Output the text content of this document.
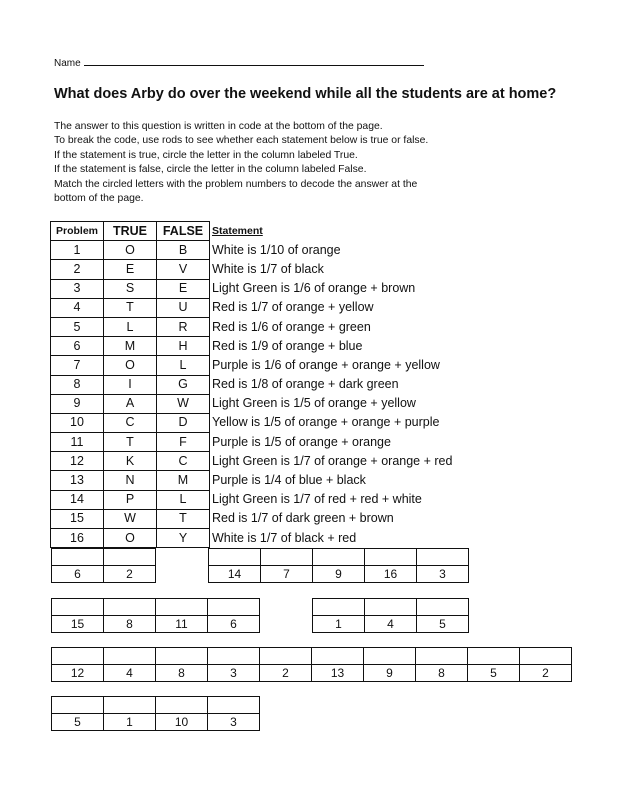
Name
What does Arby do over the weekend while all the students are at home?
The answer to this question is written in code at the bottom of the page.
To break the code, use rods to see whether each statement below is true or false.
If the statement is true, circle the letter in the column labeled True.
If the statement is false, circle the letter in the column labeled False.
Match the circled letters with the problem numbers to decode the answer at the
bottom of the page.
Problem	TRUE	FALSE	Statement
1	O	B	White is 1/10 of orange
2	E	V	White is 1/7 of black
3	S	E	Light Green is 1/6 of orange + brown
4	T	U	Red is 1/7 of orange + yellow
5	L	R	Red is 1/6 of orange + green
6	M	H	Red is 1/9 of orange + blue
7	O	L	Purple is 1/6 of orange + orange + yellow
8	I	G	Red is 1/8 of orange + dark green
9	A	W	Light Green is 1/5 of orange + yellow
10	C	D	Yellow is 1/5 of orange + orange + purple
11	T	F	Purple is 1/5 of orange + orange
12	K	C	Light Green is 1/7 of orange + orange + red
13	N	M	Purple is 1/4 of blue + black
14	P	L	Light Green is 1/7 of red + red + white
15	W	T	Red is 1/7 of dark green + brown
16	O	Y	White is 1/7 of black + red
6	2	14	7	9	16	3
15	8	11	6	1	4	5
12	4	8	3	2	13	9	8	5	2
5	1	10	3
